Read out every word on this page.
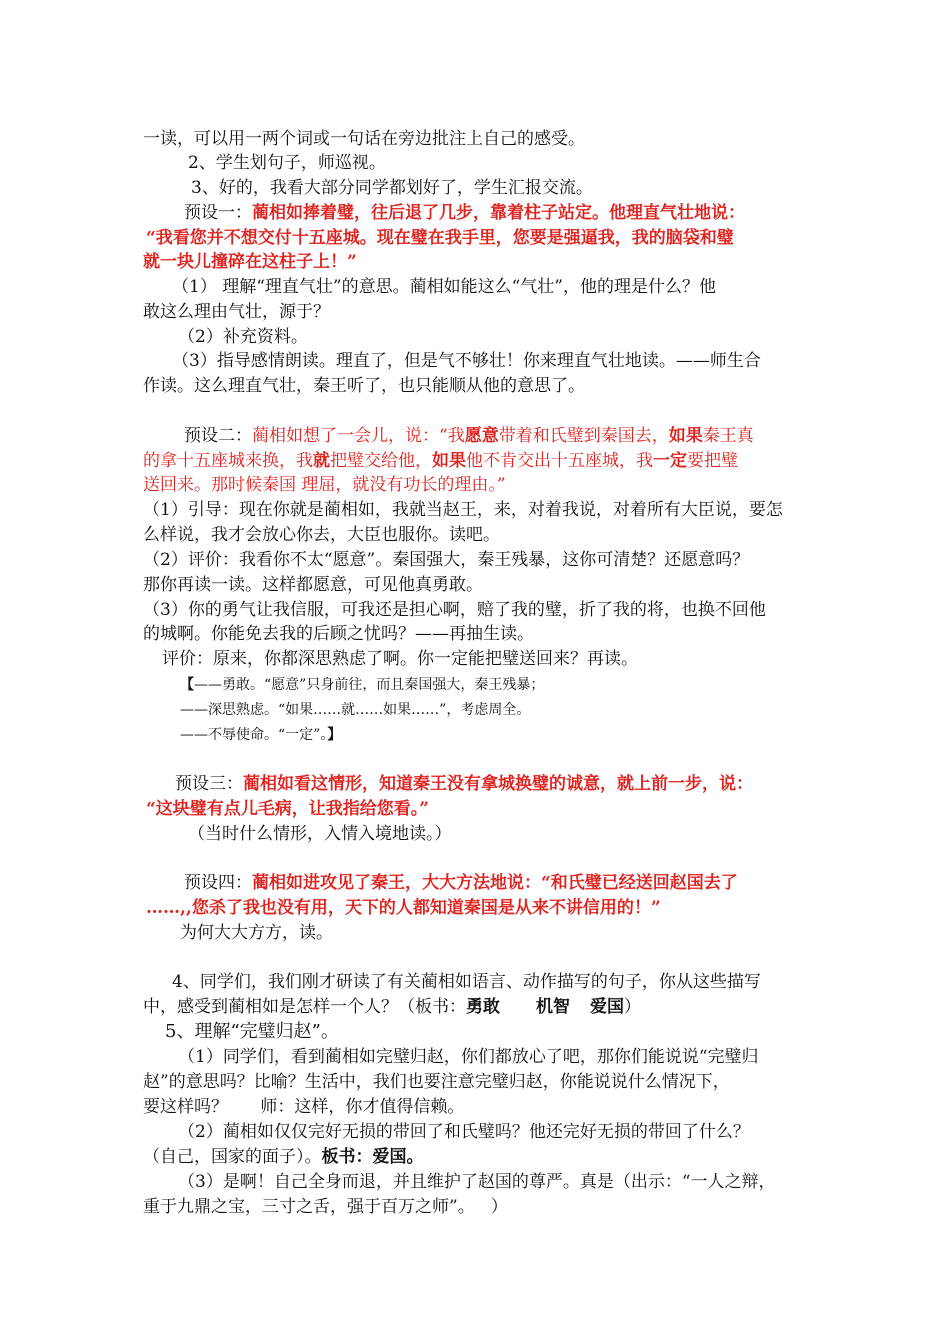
一读，可以用一两个词或一句话在旁边批注上自己的感受。
2、学生划句子，师巡视。
3、好的，我看大部分同学都划好了，学生汇报交流。
预设一：蔺相如捧着璧，往后退了几步，靠着柱子站定。他理直气壮地说：
“我看您并不想交付十五座城。现在璧在我手里，您要是强逼我，我的脑袋和璧
就一块儿撞碎在这柱子上！”
（1） 理解“理直气壮”的意思。蔺相如能这么“气壮”，他的理是什么？他
敢这么理由气壮，源于？
（2）补充资料。
（3）指导感情朗读。理直了，但是气不够壮！你来理直气壮地读。——师生合
作读。这么理直气壮，秦王听了，也只能顺从他的意思了。
预设二：蔺相如想了一会儿，说：“我愿意带着和氏璧到秦国去，如果秦王真
的拿十五座城来换，我就把璧交给他，如果他不肯交出十五座城，我一定要把璧
送回来。那时候秦国 理屈，就没有功长的理由。”
（1）引导：现在你就是蔺相如，我就当赵王，来，对着我说，对着所有大臣说，要怎
么样说，我才会放心你去，大臣也服你。读吧。
（2）评价：我看你不太“愿意”。秦国强大，秦王残暴，这你可清楚？还愿意吗？
那你再读一读。这样都愿意，可见他真勇敢。
（3）你的勇气让我信服，可我还是担心啊，赔了我的璧，折了我的将，也换不回他
的城啊。你能免去我的后顾之忧吗？——再抽生读。
评价：原来，你都深思熟虑了啊。你一定能把璧送回来？再读。
【——勇敢。“愿意”只身前往，而且秦国强大，秦王残暴；
——深思熟虑。“如果……就……如果……”，考虑周全。
——不辱使命。“一定”。】
预设三：蔺相如看这情形，知道秦王没有拿城换璧的诚意，就上前一步，说：
“这块璧有点儿毛病，让我指给您看。”
（当时什么情形，入情入境地读。）
预设四：蔺相如进攻见了秦王，大大方法地说：“和氏璧已经送回赵国去了
……,,您杀了我也没有用，天下的人都知道秦国是从来不讲信用的！”
为何大大方方，读。
4、同学们，我们刚才研读了有关蔺相如语言、动作描写的句子，你从这些描写
中，感受到蔺相如是怎样一个人？（板书：勇敢 机智 爱国）
5、理解“完璧归赵”。
（1）同学们，看到蔺相如完璧归赵，你们都放心了吧，那你们能说说“完璧归
赵”的意思吗？比喻？生活中，我们也要注意完璧归赵，你能说说什么情况下，
要这样吗？      师：这样，你才值得信赖。
（2）蔺相如仅仅完好无损的带回了和氏璧吗？他还完好无损的带回了什么？
（自己，国家的面子）。板书：爱国。
（3）是啊！自己全身而退，并且维护了赵国的尊严。真是（出示：“一人之辩，
重于九鼎之宝，三寸之舌，强于百万之师”。   ）
